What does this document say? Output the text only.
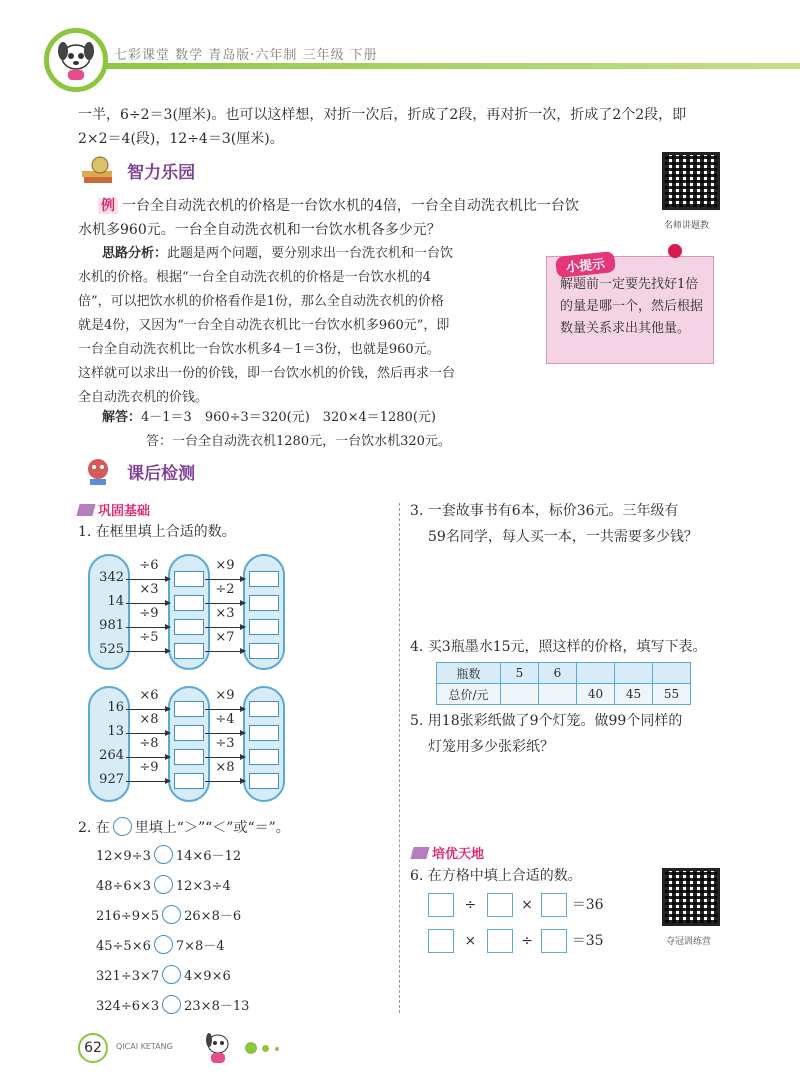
七彩课堂 数学 青岛版·六年制 三年级 下册
一半，6÷2＝3(厘米)。也可以这样想，对折一次后，折成了2段，再对折一次，折成了2个2段，即
2×2＝4(段)，12÷4＝3(厘米)。
智力乐园
名师讲题教
例 一台全自动洗衣机的价格是一台饮水机的4倍，一台全自动洗衣机比一台饮
水机多960元。一台全自动洗衣机和一台饮水机各多少元？
思路分析：此题是两个问题，要分别求出一台洗衣机和一台饮
水机的价格。根据“一台全自动洗衣机的价格是一台饮水机的4
倍”，可以把饮水机的价格看作是1份，那么全自动洗衣机的价格
就是4份，又因为“一台全自动洗衣机比一台饮水机多960元”，即
一台全自动洗衣机比一台饮水机多4－1＝3份，也就是960元。
这样就可以求出一份的价钱，即一台饮水机的价钱，然后再求一台
全自动洗衣机的价钱。
解答：4－1＝3　960÷3＝320(元)　320×4＝1280(元)
答：一台全自动洗衣机1280元，一台饮水机320元。
小提示
解题前一定要先找好1倍的量是哪一个，然后根据数量关系求出其他量。
课后检测
巩固基础
1. 在框里填上合适的数。
342
14
981
525
÷6
×3
÷9
÷5
×9
÷2
×3
×7
16
13
264
927
×6
×8
÷8
÷9
×9
÷4
÷3
×8
2. 在 里填上“＞”“＜”或“＝”。
12×9÷3 14×6－12
48÷6×3 12×3÷4
216÷9×5 26×8－6
45÷5×6 7×8－4
321÷3×7 4×9×6
324÷6×3 23×8－13
3. 一套故事书有6本，标价36元。三年级有
59名同学，每人买一本，一共需要多少钱？
4. 买3瓶墨水15元，照这样的价格，填写下表。
瓶数	5	6			
总价/元			40	45	55
5. 用18张彩纸做了9个灯笼。做99个同样的
灯笼用多少张彩纸？
培优天地
6. 在方格中填上合适的数。
÷	×	＝36
×	÷	＝35	夺冠训练营
62	QICAI KETANG
